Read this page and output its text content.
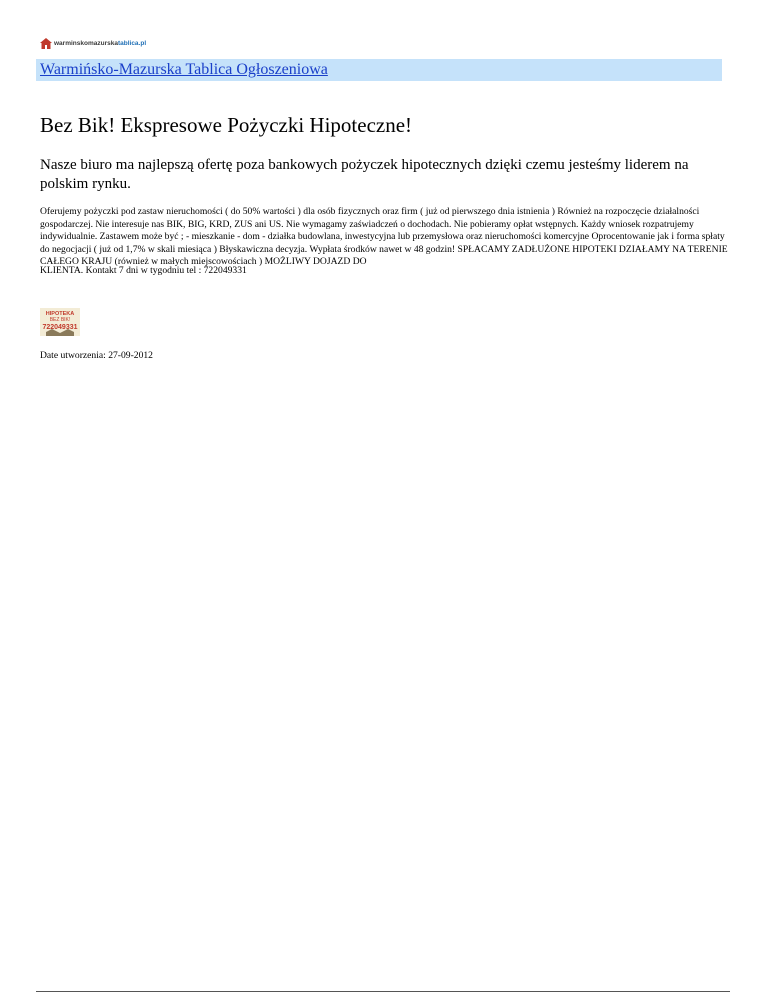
warminskomazurska tablica.pl
Warmińsko-Mazurska Tablica Ogłoszeniowa
Bez Bik! Ekspresowe Pożyczki Hipoteczne!

Nasze biuro ma najlepszą ofertę poza bankowych pożyczek hipotecznych dzięki czemu jesteśmy liderem na polskim rynku.

Oferujemy pożyczki pod zastaw nieruchomości ( do 50% wartości ) dla osób fizycznych oraz firm ( już od pierwszego dnia istnienia ) Również na rozpoczęcie działalności gospodarczej. Nie interesuje nas BIK, BIG, KRD, ZUS ani US. Nie wymagamy zaświadczeń o dochodach. Nie pobieramy opłat wstępnych. Każdy wniosek rozpatrujemy indywidualnie. Zastawem może być ; - mieszkanie - dom - działka budowlana, inwestycyjna lub przemysłowa oraz nieruchomości komercyjne Oprocentowanie jak i forma spłaty do negocjacji ( już od 1,7% w skali miesiąca ) Błyskawiczna decyzja. Wypłata środków nawet w 48 godzin! SPŁACAMY ZADŁUŻONE HIPOTEKI DZIAŁAMY NA TERENIE CAŁEGO KRAJU (również w małych miejscowościach ) MOŻLIWY DOJAZD DO

KLIENTA. Kontakt 7 dni w tygodniu tel : 722049331

HIPOTEKA
BEZ BIK!
722049331

Date utworzenia: 27-09-2012
